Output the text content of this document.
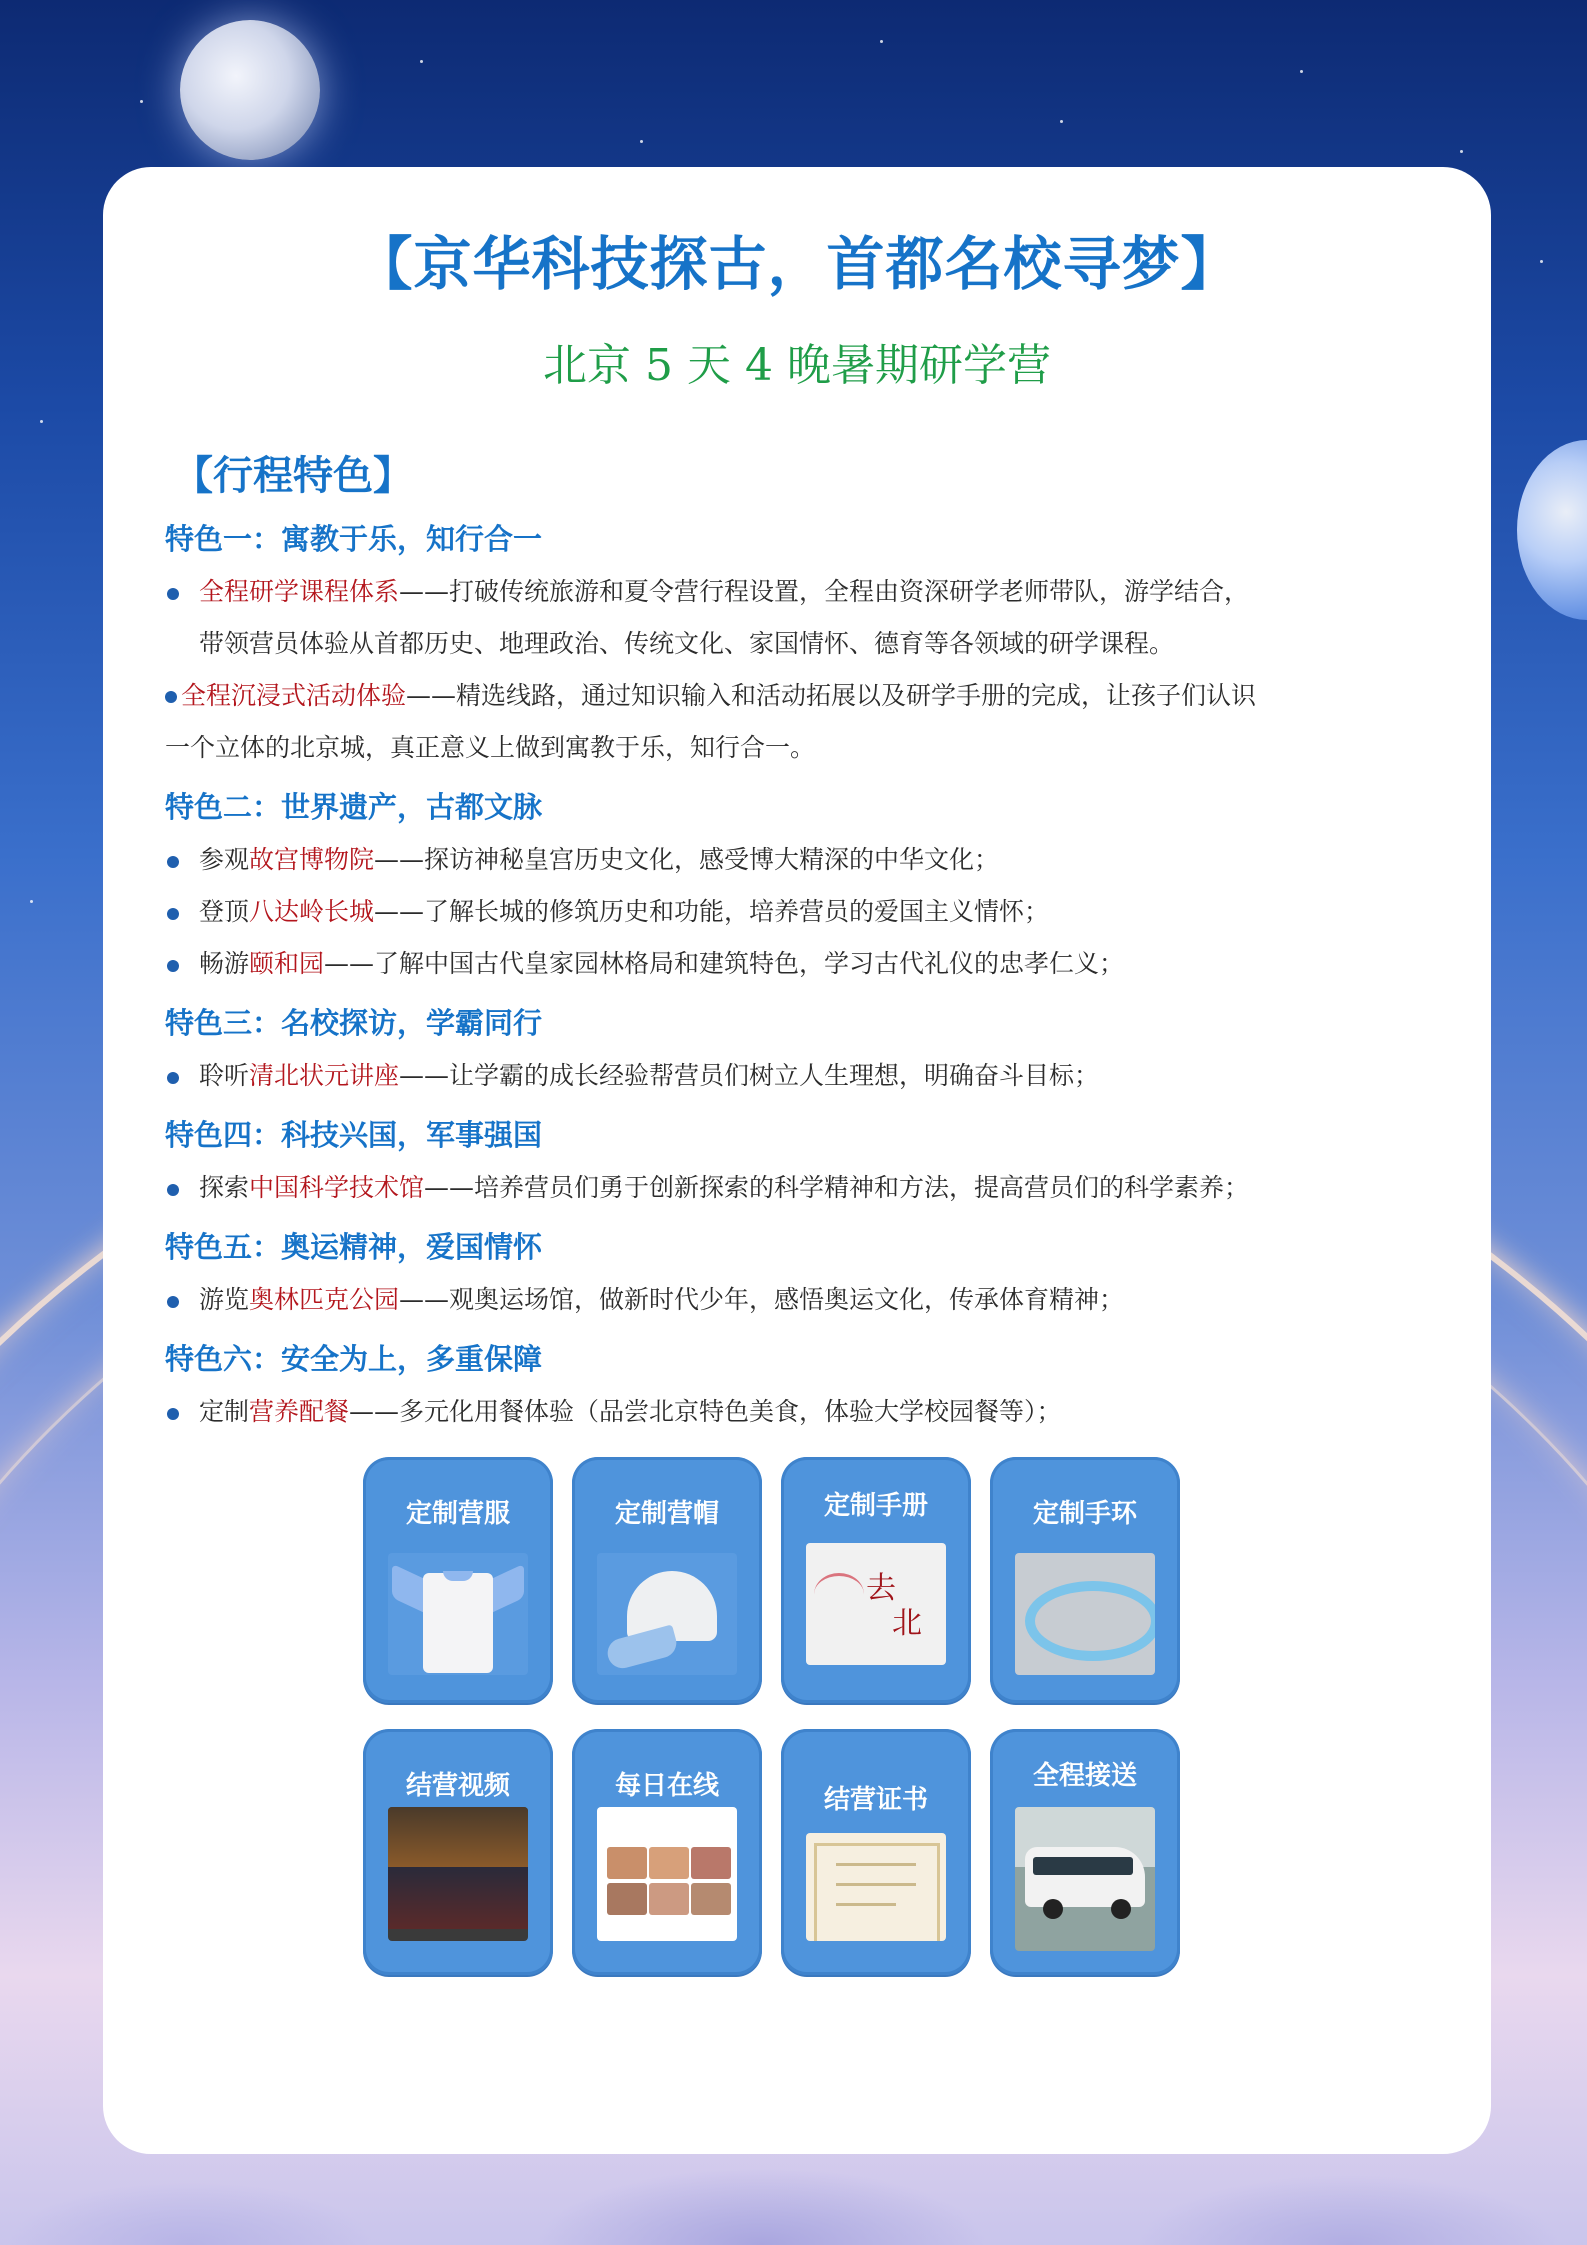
【京华科技探古，首都名校寻梦】
北京 5 天 4 晚暑期研学营
【行程特色】
特色一：寓教于乐，知行合一
全程研学课程体系——打破传统旅游和夏令营行程设置，全程由资深研学老师带队，游学结合，
带领营员体验从首都历史、地理政治、传统文化、家国情怀、德育等各领域的研学课程。
全程沉浸式活动体验——精选线路，通过知识输入和活动拓展以及研学手册的完成，让孩子们认识
一个立体的北京城，真正意义上做到寓教于乐，知行合一。
特色二：世界遗产，古都文脉
参观故宫博物院——探访神秘皇宫历史文化，感受博大精深的中华文化；
登顶八达岭长城——了解长城的修筑历史和功能，培养营员的爱国主义情怀；
畅游颐和园——了解中国古代皇家园林格局和建筑特色，学习古代礼仪的忠孝仁义；
特色三：名校探访，学霸同行
聆听清北状元讲座——让学霸的成长经验帮营员们树立人生理想，明确奋斗目标；
特色四：科技兴国，军事强国
探索中国科学技术馆——培养营员们勇于创新探索的科学精神和方法，提高营员们的科学素养；
特色五：奥运精神，爱国情怀
游览奥林匹克公园——观奥运场馆，做新时代少年，感悟奥运文化，传承体育精神；
特色六：安全为上，多重保障
定制营养配餐——多元化用餐体验（品尝北京特色美食，体验大学校园餐等）；
定制营服	定制营帽	定制手册
去
北
定制手环
结营视频	每日在线	结营证书
全程接送
